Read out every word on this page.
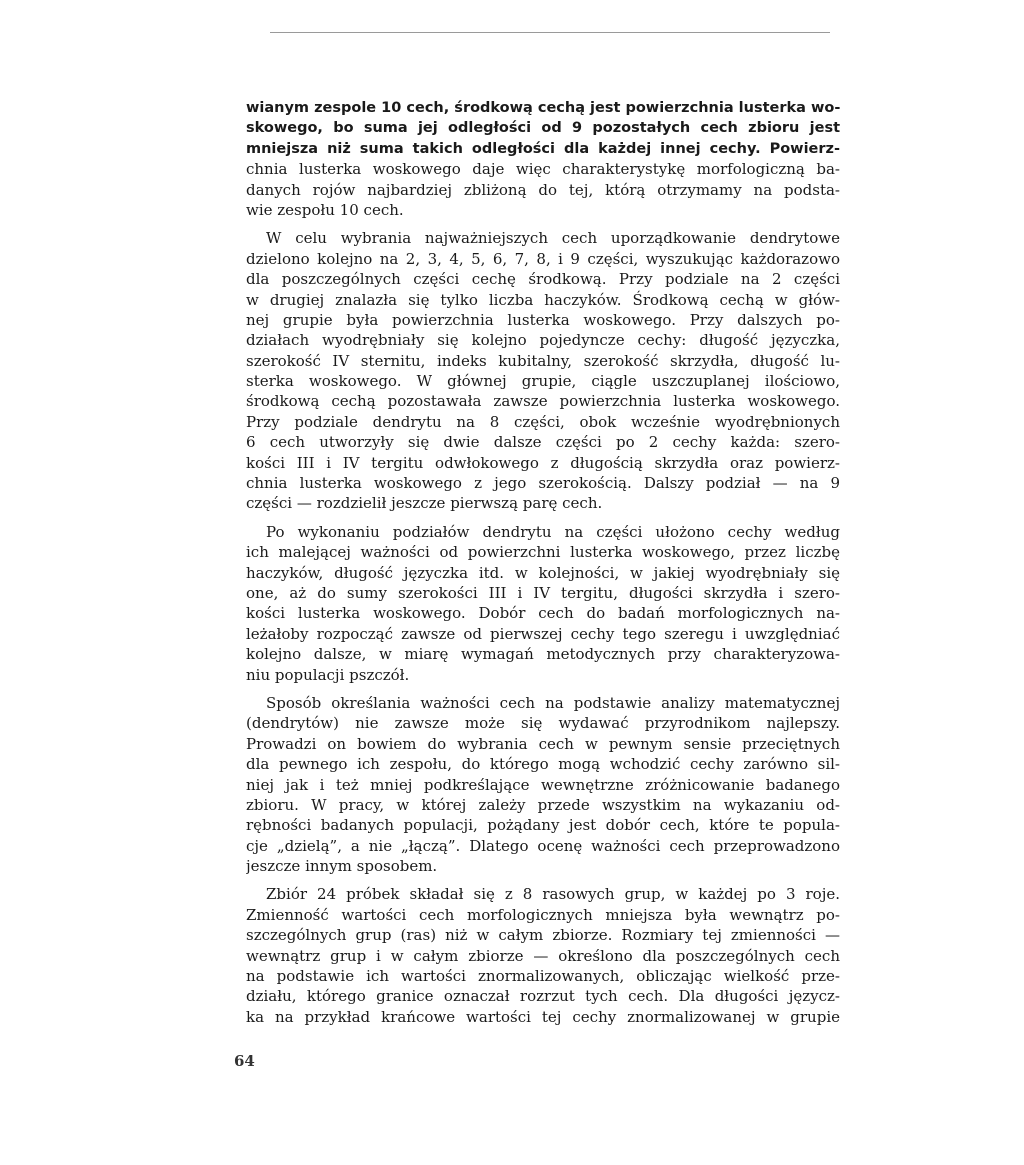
wianym zespole 10 cech, środkową cechą jest powierzchnia lusterka wo-
skowego, bo suma jej odległości od 9 pozostałych cech zbioru jest
mniejsza niż suma takich odległości dla każdej innej cechy. Powierz-
chnia lusterka woskowego daje więc charakterystykę morfologiczną ba-
danych rojów najbardziej zbliżoną do tej, którą otrzymamy na podsta-
wie zespołu 10 cech.
W celu wybrania najważniejszych cech uporządkowanie dendrytowe
dzielono kolejno na 2, 3, 4, 5, 6, 7, 8, i 9 części, wyszukując każdorazowo
dla poszczególnych części cechę środkową. Przy podziale na 2 części
w drugiej znalazła się tylko liczba haczyków. Środkową cechą w głów-
nej grupie była powierzchnia lusterka woskowego. Przy dalszych po-
działach wyodrębniały się kolejno pojedyncze cechy: długość języczka,
szerokość IV sternitu, indeks kubitalny, szerokość skrzydła, długość lu-
sterka woskowego. W głównej grupie, ciągle uszczuplanej ilościowo,
środkową cechą pozostawała zawsze powierzchnia lusterka woskowego.
Przy podziale dendrytu na 8 części, obok wcześnie wyodrębnionych
6 cech utworzyły się dwie dalsze części po 2 cechy każda: szero-
kości III i IV tergitu odwłokowego z długością skrzydła oraz powierz-
chnia lusterka woskowego z jego szerokością. Dalszy podział — na 9
części — rozdzielił jeszcze pierwszą parę cech.
Po wykonaniu podziałów dendrytu na części ułożono cechy według
ich malejącej ważności od powierzchni lusterka woskowego, przez liczbę
haczyków, długość języczka itd. w kolejności, w jakiej wyodrębniały się
one, aż do sumy szerokości III i IV tergitu, długości skrzydła i szero-
kości lusterka woskowego. Dobór cech do badań morfologicznych na-
leżałoby rozpocząć zawsze od pierwszej cechy tego szeregu i uwzględniać
kolejno dalsze, w miarę wymagań metodycznych przy charakteryzowa-
niu populacji pszczół.
Sposób określania ważności cech na podstawie analizy matematycznej
(dendrytów) nie zawsze może się wydawać przyrodnikom najlepszy.
Prowadzi on bowiem do wybrania cech w pewnym sensie przeciętnych
dla pewnego ich zespołu, do którego mogą wchodzić cechy zarówno sil-
niej jak i też mniej podkreślające wewnętrzne zróżnicowanie badanego
zbioru. W pracy, w której zależy przede wszystkim na wykazaniu od-
rębności badanych populacji, pożądany jest dobór cech, które te popula-
cje „dzielą”, a nie „łączą”. Dlatego ocenę ważności cech przeprowadzono
jeszcze innym sposobem.
Zbiór 24 próbek składał się z 8 rasowych grup, w każdej po 3 roje.
Zmienność wartości cech morfologicznych mniejsza była wewnątrz po-
szczególnych grup (ras) niż w całym zbiorze. Rozmiary tej zmienności —
wewnątrz grup i w całym zbiorze — określono dla poszczególnych cech
na podstawie ich wartości znormalizowanych, obliczając wielkość prze-
działu, którego granice oznaczał rozrzut tych cech. Dla długości języcz-
ka na przykład krańcowe wartości tej cechy znormalizowanej w grupie
64
